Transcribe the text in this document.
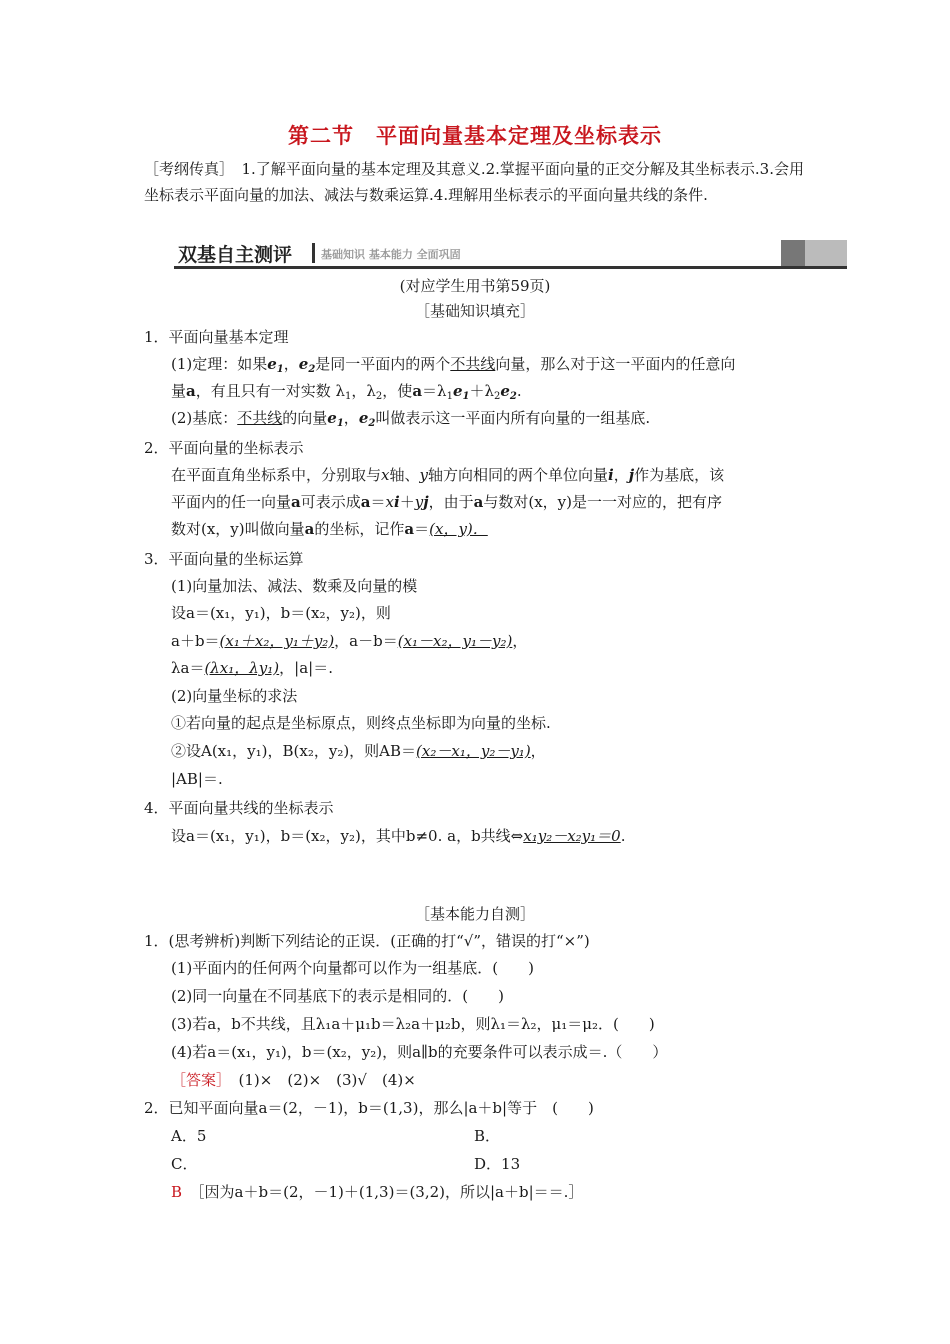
第二节　平面向量基本定理及坐标表示
［考纲传真］　1.了解平面向量的基本定理及其意义.2.掌握平面向量的正交分解及其坐标表示.3.会用坐标表示平面向量的加法、减法与数乘运算.4.理解用坐标表示的平面向量共线的条件.
双基自主测评	基础知识 基本能力 全面巩固
(对应学生用书第59页)
［基础知识填充］
1．平面向量基本定理
(1)定理：如果$e_1$，$e_2$是同一平面内的两个不共线向量，那么对于这一平面内的任意向
量a，有且只有一对实数 $\lambda_1$，$\lambda_2$，使$a=\lambda_1e_1+\lambda_2e_2$.
(2)基底：不共线的向量$e_1$，$e_2$叫做表示这一平面内所有向量的一组基底.
2．平面向量的坐标表示
在平面直角坐标系中，分别取与x轴、y轴方向相同的两个单位向量i，j作为基底，该
平面内的任一向量a可表示成a＝xi＋yj，由于a与数对(x，y)是一一对应的，把有序
数对(x，y)叫做向量a的坐标，记作a＝(x，y)．
3．平面向量的坐标运算
(1)向量加法、减法、数乘及向量的模
设a＝(x₁，y₁)，b＝(x₂，y₂)，则
a＋b＝(x₁＋x₂，y₁＋y₂)，a－b＝(x₁－x₂，y₁－y₂)，
λa＝(λx₁，λy₁)，|a|＝.
(2)向量坐标的求法
①若向量的起点是坐标原点，则终点坐标即为向量的坐标.
②设A(x₁，y₁)，B(x₂，y₂)，则AB＝(x₂－x₁，y₂－y₁)，
|AB|＝.
4．平面向量共线的坐标表示
设a＝(x₁，y₁)，b＝(x₂，y₂)，其中b≠0. a，b共线⇔x₁y₂－x₂y₁＝0.
［基本能力自测］
1．(思考辨析)判断下列结论的正误．(正确的打“√”，错误的打“×”)
(1)平面内的任何两个向量都可以作为一组基底．(　　)
(2)同一向量在不同基底下的表示是相同的．(　　)
(3)若a，b不共线，且λ₁a＋μ₁b＝λ₂a＋μ₂b，则λ₁＝λ₂，μ₁＝μ₂．(　　)
(4)若a＝(x₁，y₁)，b＝(x₂，y₂)，则a∥b的充要条件可以表示成＝.（　　）
［答案］　 (1)×　(2)×　(3)√　(4)×
2．已知平面向量a＝(2，－1)，b＝(1,3)，那么|a＋b|等于　(　　)
A．5	B．
C．	D．13
B　 ［因为a＋b＝(2，－1)＋(1,3)＝(3,2)，所以|a＋b|＝＝.］
